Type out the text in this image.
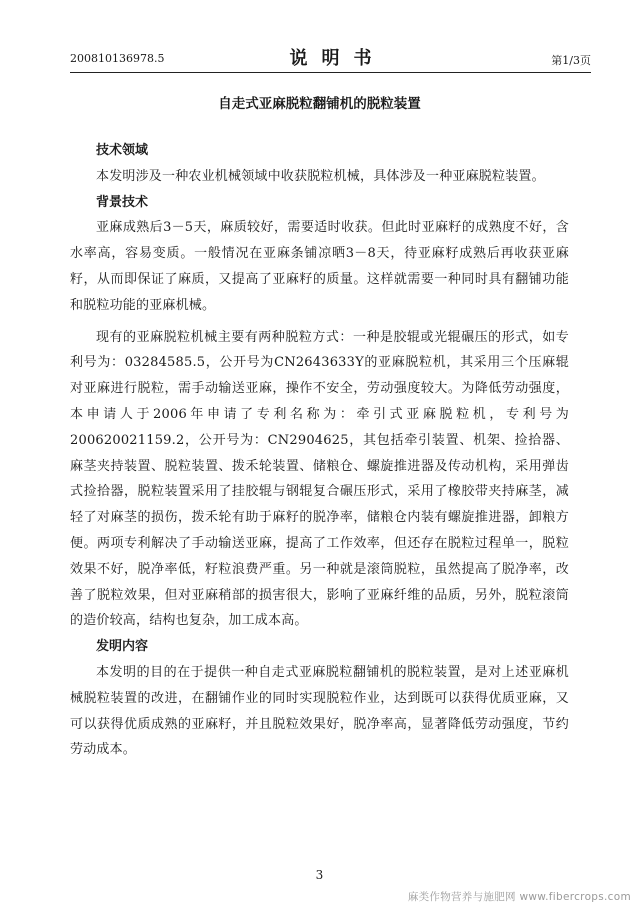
200810136978.5	说明书	第1/3页
自走式亚麻脱粒翻铺机的脱粒装置

技术领域

本发明涉及一种农业机械领域中收获脱粒机械，具体涉及一种亚麻脱粒装置。

背景技术

亚麻成熟后3－5天，麻质较好，需要适时收获。但此时亚麻籽的成熟度不好，含水率高，容易变质。一般情况在亚麻条铺凉晒3－8天，待亚麻籽成熟后再收获亚麻籽，从而即保证了麻质，又提高了亚麻籽的质量。这样就需要一种同时具有翻铺功能和脱粒功能的亚麻机械。

现有的亚麻脱粒机械主要有两种脱粒方式：一种是胶辊或光辊碾压的形式，如专利号为：03284585.5，公开号为CN2643633Y的亚麻脱粒机，其采用三个压麻辊对亚麻进行脱粒，需手动输送亚麻，操作不安全，劳动强度较大。为降低劳动强度，本申请人于2006年申请了专利名称为：牵引式亚麻脱粒机，专利号为200620021159.2，公开号为：CN2904625，其包括牵引装置、机架、捡拾器、麻茎夹持装置、脱粒装置、拨禾轮装置、储粮仓、螺旋推进器及传动机构，采用弹齿式捡拾器，脱粒装置采用了挂胶辊与钢辊复合碾压形式，采用了橡胶带夹持麻茎，减轻了对麻茎的损伤，拨禾轮有助于麻籽的脱净率，储粮仓内装有螺旋推进器，卸粮方便。两项专利解决了手动输送亚麻，提高了工作效率，但还存在脱粒过程单一，脱粒效果不好，脱净率低，籽粒浪费严重。另一种就是滚筒脱粒，虽然提高了脱净率，改善了脱粒效果，但对亚麻稍部的损害很大，影响了亚麻纤维的品质，另外，脱粒滚筒的造价较高，结构也复杂，加工成本高。

发明内容

本发明的目的在于提供一种自走式亚麻脱粒翻铺机的脱粒装置，是对上述亚麻机械脱粒装置的改进，在翻铺作业的同时实现脱粒作业，达到既可以获得优质亚麻，又可以获得优质成熟的亚麻籽，并且脱粒效果好，脱净率高，显著降低劳动强度，节约劳动成本。

3
麻类作物营养与施肥网 www.fibercrops.com
